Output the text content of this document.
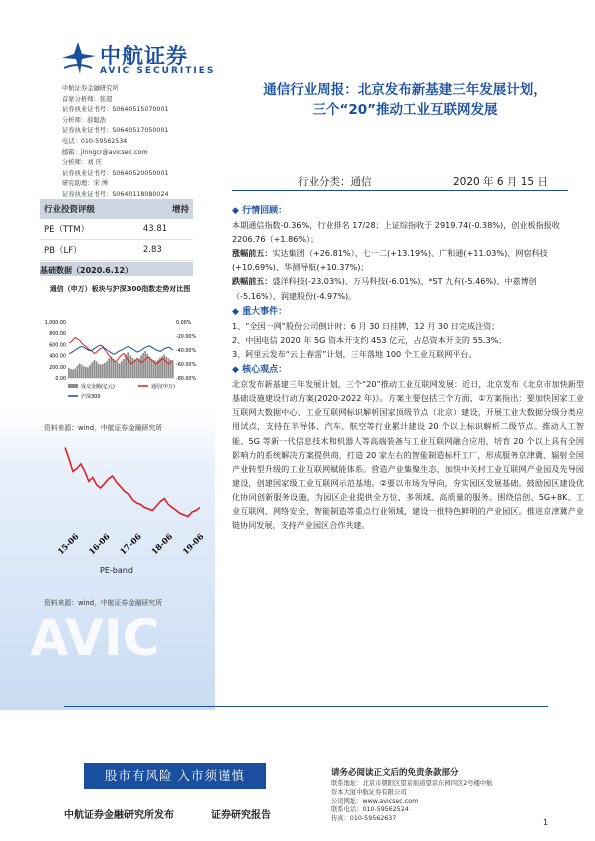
AVIC
中航证券
AVIC SECURITIES
中航证券金融研究所
首席分析师：张超
证券执业证书号：S0640515070001
分析师：薛聪浩
证券执业证书号：S0640517050001
电话：010-59562534
邮箱：jlnngcr@avicsec.com
分析师：刘 庆
证券执业证书号：S0640520050001
研究助理：宋 博
证券执业证书号：S0640118080024
通信行业周报：北京发布新基建三年发展计划，
三个“20”推动工业互联网发展
行业分类：通信	2020 年 6 月 15 日
行业投资评级	增持
PE（TTM）	43.81
PB（LF）	2.83
基础数据（2020.6.12）
通信（申万）板块与沪深300指数走势对比图
1,000.00
800.00
600.00
400.00
200.00
0.00
0.00%
-20.00%
-40.00%
-60.00%
-80.00%
成交金额(亿元)	通信(申万)
沪深300
资料来源：wind，中航证券金融研究所
15-06 16-06 17-06 18-06 19-06
PE-band
资料来源：wind，中航证券金融研究所
◆ 行情回顾：
本期通信指数-0.36%，行业排名 17/28；上证综指收于 2919.74(-0.38%)，创业板指报收 2206.76（+1.86%）；
涨幅前五：实达集团（+26.81%）、七一二(+13.19%)、广和通(+11.03%)、网宿科技(+10.69%)、华测导航(+10.37%)；
跌幅前五：盛洋科技(-23.03%)、万马科技(-6.01%)、*ST 九有(-5.46%)、中嘉博创（-5.16%）、润建股份(-4.97%)。
◆ 重大事件：
1、“全国一网”股份公司倒计时：6 月 30 日挂牌，12 月 30 日完成注资；
2、中国电信 2020 年 5G 资本开支约 453 亿元，占总资本开支的 55.3%；
3、阿里云发布“云上春雷”计划，三年落地 100 个工业互联网平台。
◆ 核心观点：
北京发布新基建三年发展计划，三个“20”推动工业互联网发展：近日，北京发布《北京市加快新型基础设施建设行动方案(2020-2022 年)》。方案主要包括三个方面，①方案指出：要加快国家工业互联网大数据中心、工业互联网标识解析国家顶级节点（北京）建设，开展工业大数据分级分类应用试点，支持在半导体、汽车、航空等行业累计建设 20 个以上标识解析二级节点。推动人工智能、5G 等新一代信息技术和机器人等高端装备与工业互联网融合应用，培育 20 个以上具有全国影响力的系统解决方案提供商，打造 20 家左右的智能制造标杆工厂，形成服务京津冀、辐射全国产业转型升级的工业互联网赋能体系。营造产业集聚生态，加快中关村工业互联网产业园及先导园建设，创建国家级工业互联网示范基地。②要以市场为导向，夯实园区发展基础。鼓励园区建设优化协同创新服务设施，为园区企业提供全方位、多领域、高质量的服务。围绕信创、5G+8K、工业互联网、网络安全、智能制造等重点行业领域，建设一批特色鲜明的产业园区。推进京津冀产业链协同发展，支持产业园区合作共建。
股市有风险 入市须谨慎
中航证券金融研究所发布	证券研究报告
请务必阅读正文后的免责条款部分
联系地址：北京市朝阳区望京街道望京东园四区2号楼中航
资本大厦中航证券有限公司
公司网址：www.avicsec.com
联系电话：010-59562524
传真：010-59562637	1
